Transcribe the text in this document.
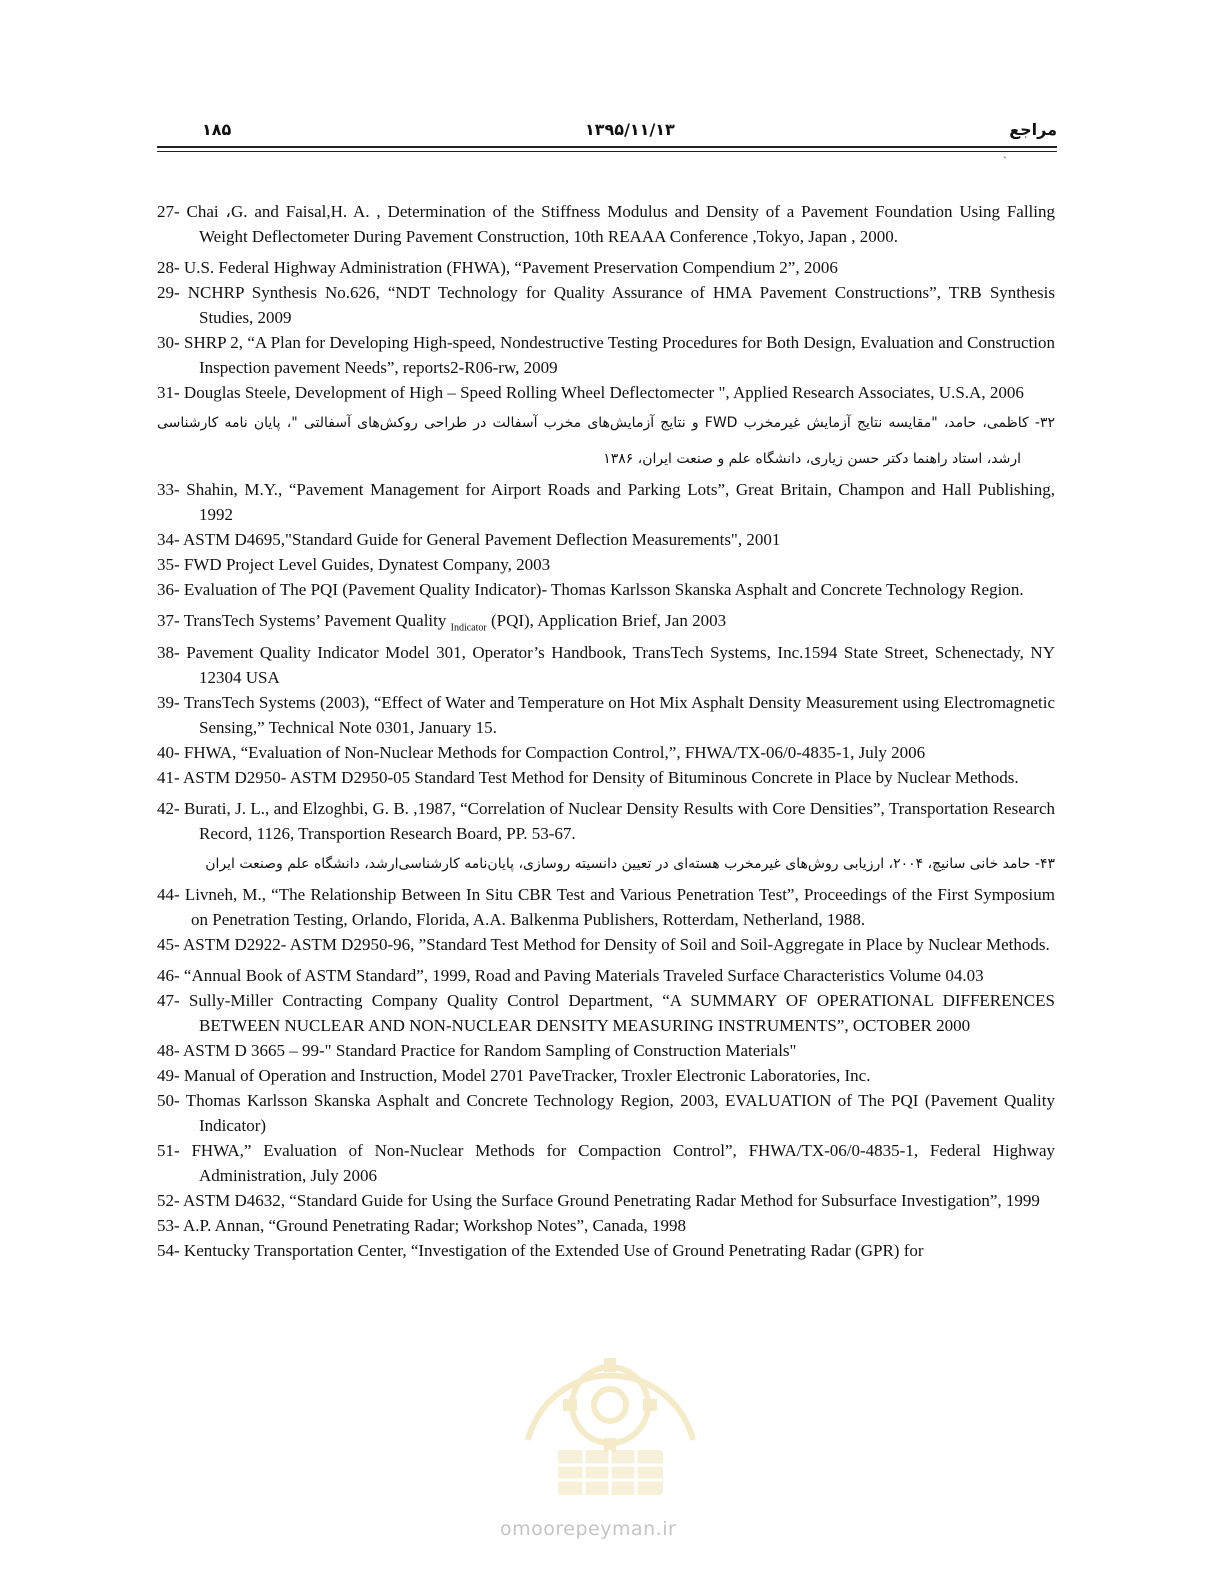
۱۸۵	۱۳۹۵/۱۱/۱۳	مراجع
`

27- Chai ،G. and Faisal,H. A. , Determination of the Stiffness Modulus and Density of a Pavement Foundation Using Falling Weight Deflectometer During Pavement Construction, 10th REAAA Conference ,Tokyo, Japan , 2000.

28- U.S. Federal Highway Administration (FHWA), “Pavement Preservation Compendium 2”, 2006

29- NCHRP Synthesis No.626, “NDT Technology for Quality Assurance of HMA Pavement Constructions”, TRB Synthesis Studies, 2009

30- SHRP 2, “A Plan for Developing High-speed, Nondestructive Testing Procedures for Both Design, Evaluation and Construction Inspection pavement Needs”, reports2-R06-rw, 2009

31- Douglas Steele, Development of High – Speed Rolling Wheel Deflectomecter ", Applied Research Associates, U.S.A, 2006

۳۲- کاظمی، حامد، "مقایسه نتایج آزمایش غیرمخرب FWD و نتایج آزمایش‌های مخرب آسفالت در طراحی روکش‌های آسفالتی "، پایان نامه کارشناسی ارشد، استاد راهنما دکتر حسن زیاری، دانشگاه علم و صنعت ایران، ۱۳۸۶

33- Shahin, M.Y., “Pavement Management for Airport Roads and Parking Lots”, Great Britain, Champon and Hall Publishing, 1992

34- ASTM D4695,"Standard Guide for General Pavement Deflection Measurements", 2001

35- FWD Project Level Guides, Dynatest Company, 2003

36- Evaluation of The PQI (Pavement Quality Indicator)- Thomas Karlsson Skanska Asphalt and Concrete Technology Region.

37- TransTech Systems’ Pavement Quality $_{Indicator}$ (PQI), Application Brief, Jan 2003

38- Pavement Quality Indicator Model 301, Operator’s Handbook, TransTech Systems, Inc.1594 State Street, Schenectady, NY 12304 USA

39- TransTech Systems (2003), “Effect of Water and Temperature on Hot Mix Asphalt Density Measurement using Electromagnetic Sensing,” Technical Note 0301, January 15.

40- FHWA, “Evaluation of Non-Nuclear Methods for Compaction Control,”, FHWA/TX-06/0-4835-1, July 2006

41- ASTM D2950- ASTM D2950-05 Standard Test Method for Density of Bituminous Concrete in Place by Nuclear Methods.

42- Burati, J. L., and Elzoghbi, G. B. ,1987, “Correlation of Nuclear Density Results with Core Densities”, Transportation Research Record, 1126, Transportion Research Board, PP. 53-67.

۴۳- حامد خانی سانیچ، ۲۰۰۴، ارزیابی روش‌های غیرمخرب هسته‌ای در تعیین دانسیته روسازی، پایان‌نامه کارشناسی‌ارشد، دانشگاه علم وصنعت ایران

44- Livneh, M., “The Relationship Between In Situ CBR Test and Various Penetration Test”, Proceedings of the First Symposium on Penetration Testing, Orlando, Florida, A.A. Balkenma Publishers, Rotterdam, Netherland, 1988.

45- ASTM D2922- ASTM D2950-96, ”Standard Test Method for Density of Soil and Soil-Aggregate in Place by Nuclear Methods.

46- “Annual Book of ASTM Standard”, 1999, Road and Paving Materials Traveled Surface Characteristics Volume 04.03

47- Sully-Miller Contracting Company Quality Control Department, “A SUMMARY OF OPERATIONAL DIFFERENCES BETWEEN NUCLEAR AND NON-NUCLEAR DENSITY MEASURING INSTRUMENTS”, OCTOBER 2000

48- ASTM D 3665 – 99-" Standard Practice for Random Sampling of Construction Materials"

49- Manual of Operation and Instruction, Model 2701 PaveTracker, Troxler Electronic Laboratories, Inc.

50- Thomas Karlsson Skanska Asphalt and Concrete Technology Region, 2003, EVALUATION of The PQI (Pavement Quality Indicator)

51- FHWA,” Evaluation of Non-Nuclear Methods for Compaction Control”, FHWA/TX-06/0-4835-1, Federal Highway Administration, July 2006

52- ASTM D4632, “Standard Guide for Using the Surface Ground Penetrating Radar Method for Subsurface Investigation”, 1999

53- A.P. Annan, “Ground Penetrating Radar; Workshop Notes”, Canada, 1998

54- Kentucky Transportation Center, “Investigation of the Extended Use of Ground Penetrating Radar (GPR) for

omoorepeyman.ir
